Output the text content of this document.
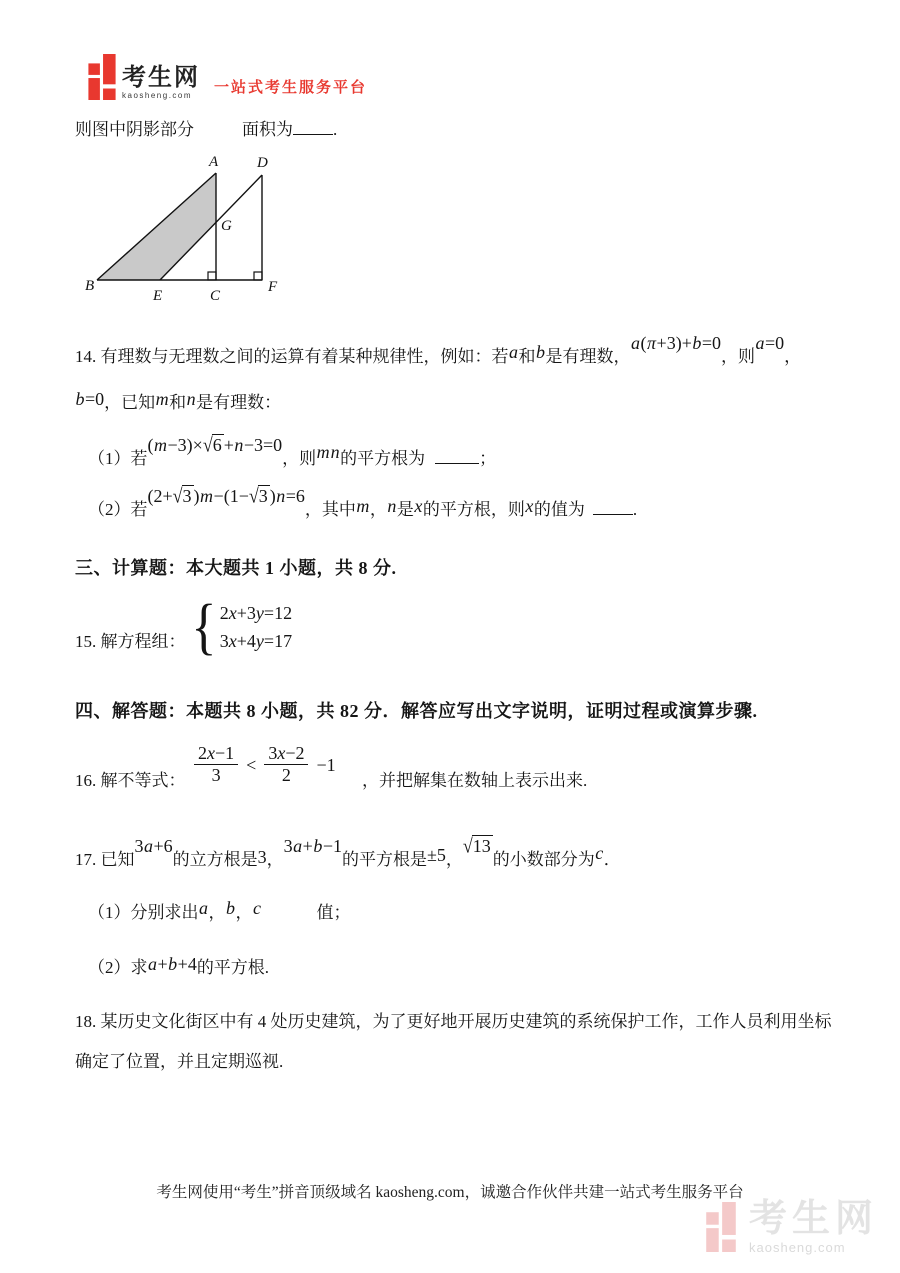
考生网
kaosheng.com	一站式考生服务平台
则图中阴影部分	面积为 .
A
B
C
D
E
F
G
14. 有理数与无理数之间的运算有着某种规律性，例如：若a和b是有理数，a(π+3)+b=0，则a=0，
b=0，已知m和n是有理数：
（1）若(m−3)×√6 +n−3=0，则mn的平方根为	；
（2）若(2+√3 )m−(1−√3 )n=6，其中m，n是x的平方根，则x的值为	.
三、计算题：本大题共 1 小题，共 8 分.
15. 解方程组： { 2x+3y=12
3x+4y=17
四、解答题：本题共 8 小题，共 82 分．解答应写出文字说明，证明过程或演算步骤.
16. 解不等式： $\frac{2x-1}{3} < \frac{3x-2}{2} -1$
，并把解集在数轴上表示出来.
17. 已知3a+6的立方根是3，3a+b−1的平方根是±5，√13的小数部分为c．
（1）分别求出a，b，c	值；
（2）求a+b+4的平方根.
18. 某历史文化街区中有 4 处历史建筑，为了更好地开展历史建筑的系统保护工作，工作人员利用坐标确定了位置，并且定期巡视.
考生网使用“考生”拼音顶级域名 kaosheng.com，诚邀合作伙伴共建一站式考生服务平台
考生网
kaosheng.com
